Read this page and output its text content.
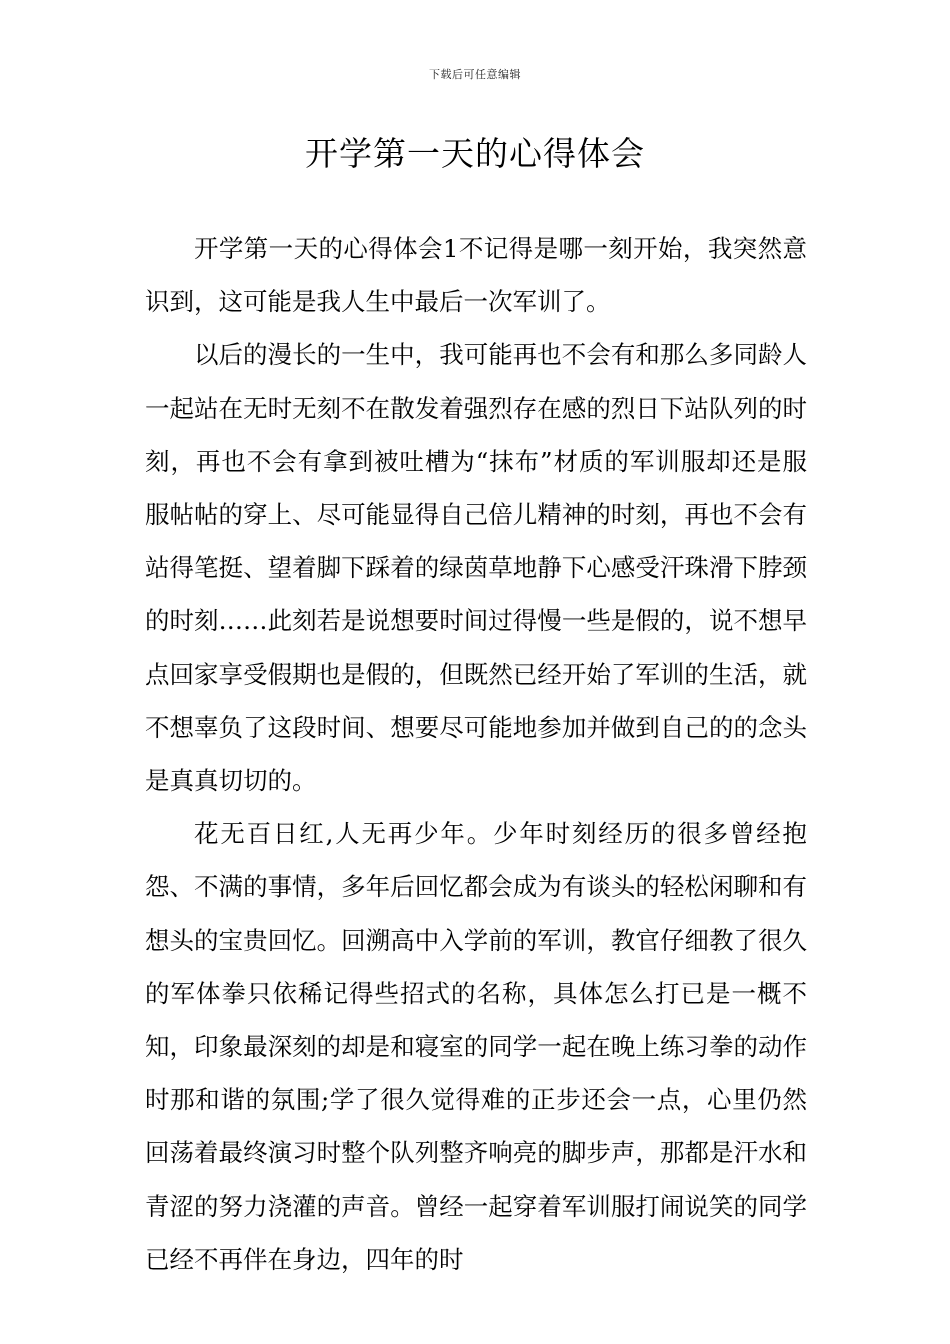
下载后可任意编辑
开学第一天的心得体会

开学第一天的心得体会1不记得是哪一刻开始，我突然意识到，这可能是我人生中最后一次军训了。

以后的漫长的一生中，我可能再也不会有和那么多同龄人一起站在无时无刻不在散发着强烈存在感的烈日下站队列的时刻，再也不会有拿到被吐槽为“抹布”材质的军训服却还是服服帖帖的穿上、尽可能显得自己倍儿精神的时刻，再也不会有站得笔挺、望着脚下踩着的绿茵草地静下心感受汗珠滑下脖颈的时刻……此刻若是说想要时间过得慢一些是假的，说不想早点回家享受假期也是假的，但既然已经开始了军训的生活，就不想辜负了这段时间、想要尽可能地参加并做到自己的的念头是真真切切的。

花无百日红,人无再少年。少年时刻经历的很多曾经抱怨、不满的事情，多年后回忆都会成为有谈头的轻松闲聊和有想头的宝贵回忆。回溯高中入学前的军训，教官仔细教了很久的军体拳只依稀记得些招式的名称，具体怎么打已是一概不知，印象最深刻的却是和寝室的同学一起在晚上练习拳的动作时那和谐的氛围;学了很久觉得难的正步还会一点，心里仍然回荡着最终演习时整个队列整齐响亮的脚步声，那都是汗水和青涩的努力浇灌的声音。曾经一起穿着军训服打闹说笑的同学已经不再伴在身边，四年的时
